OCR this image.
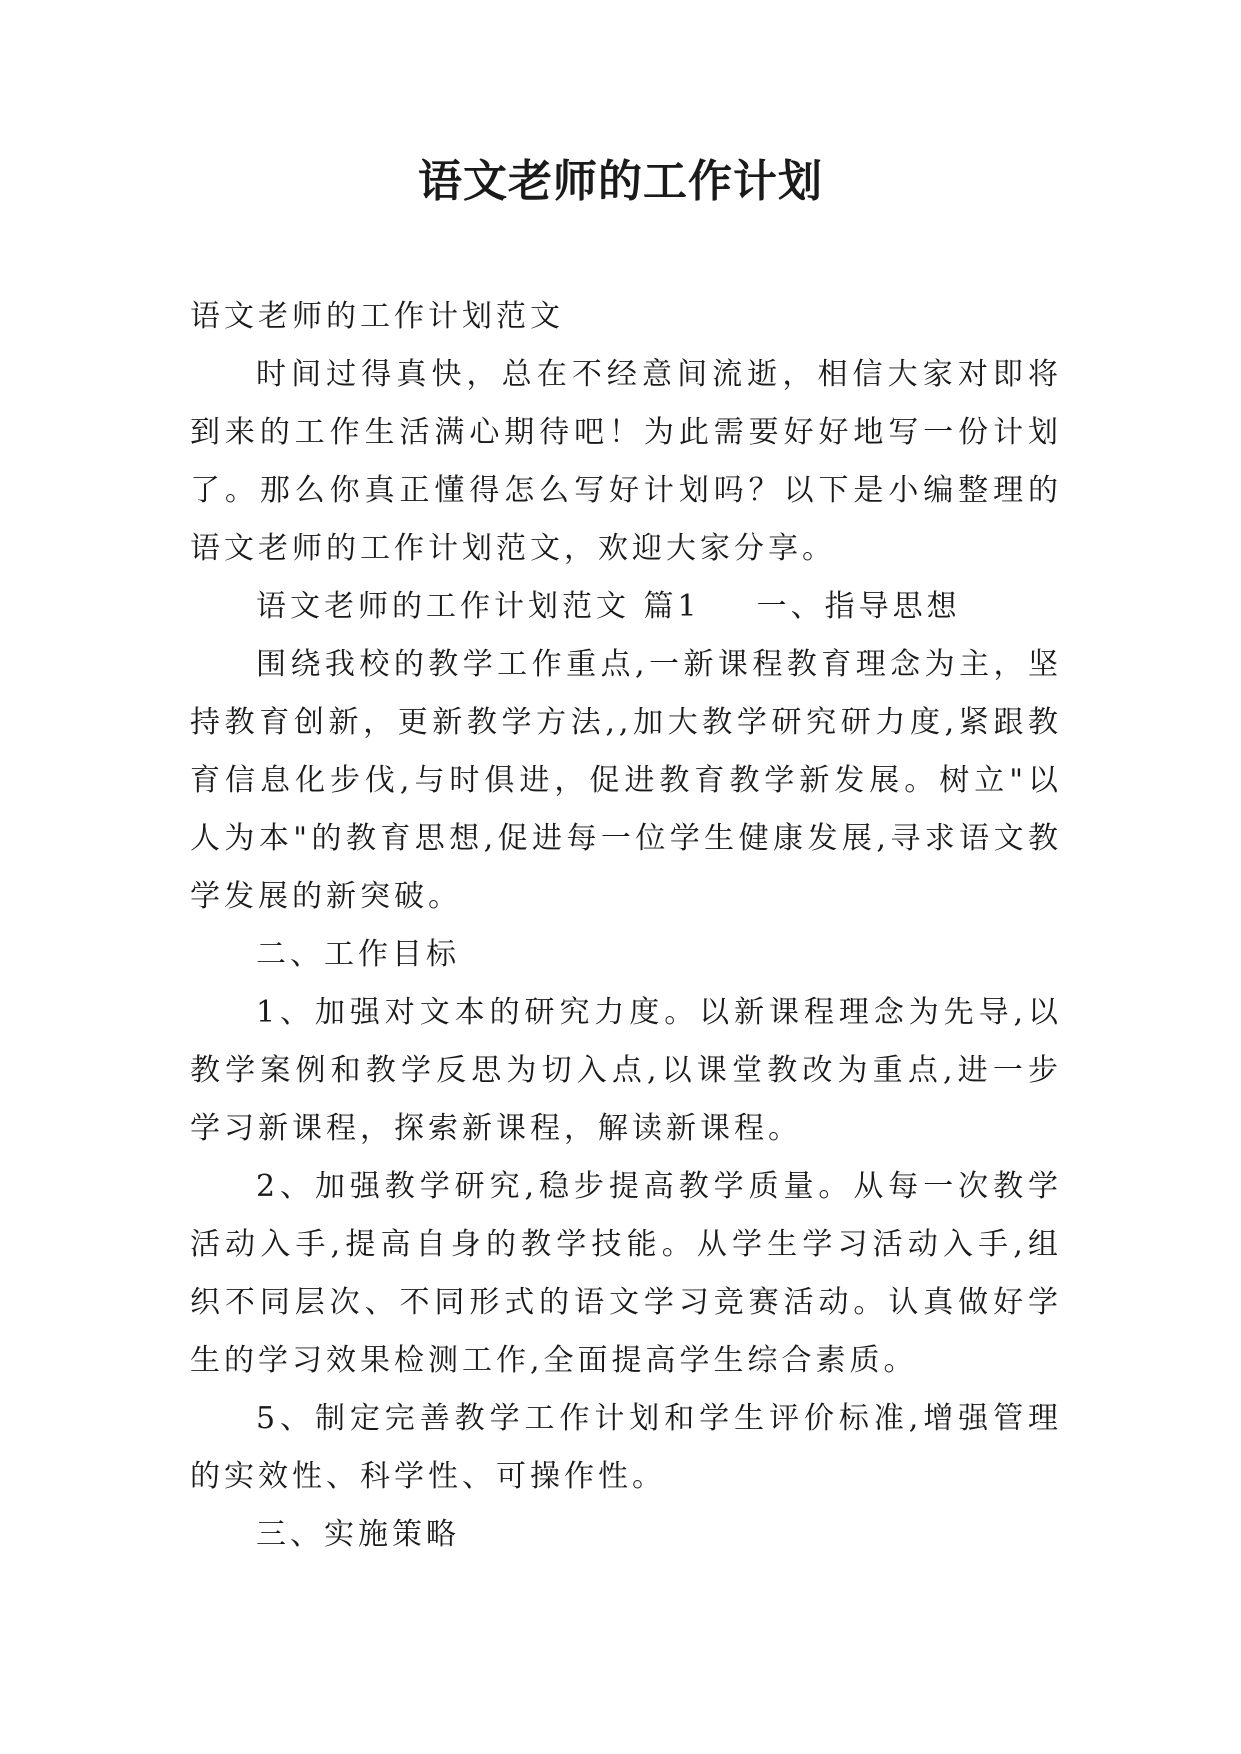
语文老师的工作计划

语文老师的工作计划范文

时间过得真快，总在不经意间流逝，相信大家对即将到来的工作生活满心期待吧！为此需要好好地写一份计划了。那么你真正懂得怎么写好计划吗？以下是小编整理的语文老师的工作计划范文，欢迎大家分享。

语文老师的工作计划范文 篇1 一、指导思想

围绕我校的教学工作重点,一新课程教育理念为主，坚持教育创新，更新教学方法,,加大教学研究研力度,紧跟教育信息化步伐,与时俱进，促进教育教学新发展。树立"以人为本"的教育思想,促进每一位学生健康发展,寻求语文教学发展的新突破。

二、工作目标

1、加强对文本的研究力度。以新课程理念为先导,以教学案例和教学反思为切入点,以课堂教改为重点,进一步学习新课程，探索新课程，解读新课程。

2、加强教学研究,稳步提高教学质量。从每一次教学活动入手,提高自身的教学技能。从学生学习活动入手,组织不同层次、不同形式的语文学习竞赛活动。认真做好学生的学习效果检测工作,全面提高学生综合素质。

5、制定完善教学工作计划和学生评价标准,增强管理的实效性、科学性、可操作性。

三、实施策略
